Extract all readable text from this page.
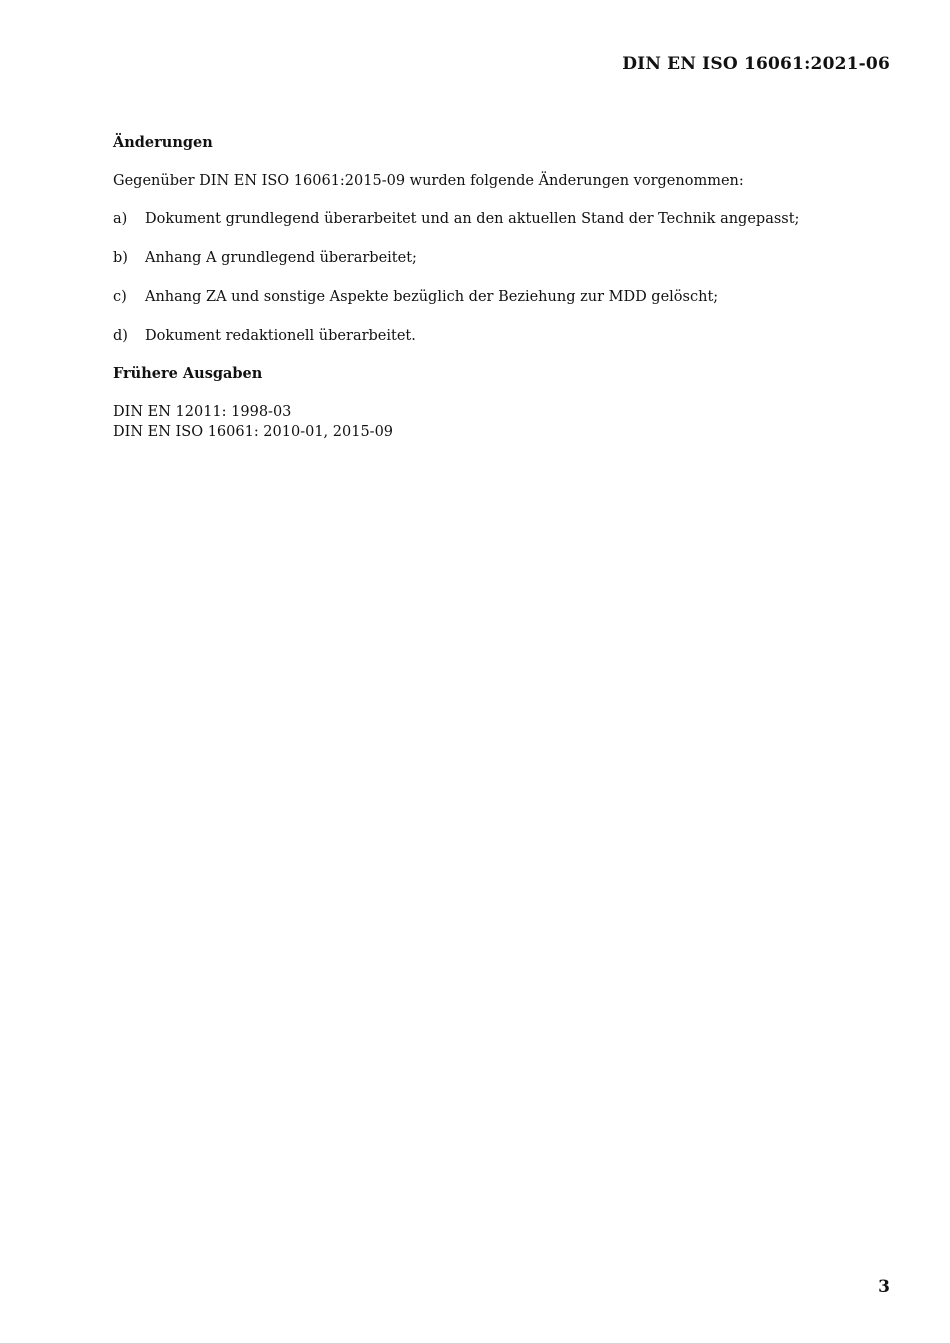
DIN EN ISO 16061:2021-06
Änderungen

Gegenüber DIN EN ISO 16061:2015-09 wurden folgende Änderungen vorgenommen:

a)	Dokument grundlegend überarbeitet und an den aktuellen Stand der Technik angepasst;
b)	Anhang A grundlegend überarbeitet;
c)	Anhang ZA und sonstige Aspekte bezüglich der Beziehung zur MDD gelöscht;
d)	Dokument redaktionell überarbeitet.
Frühere Ausgaben

DIN EN 12011: 1998-03
DIN EN ISO 16061: 2010-01, 2015-09

3
